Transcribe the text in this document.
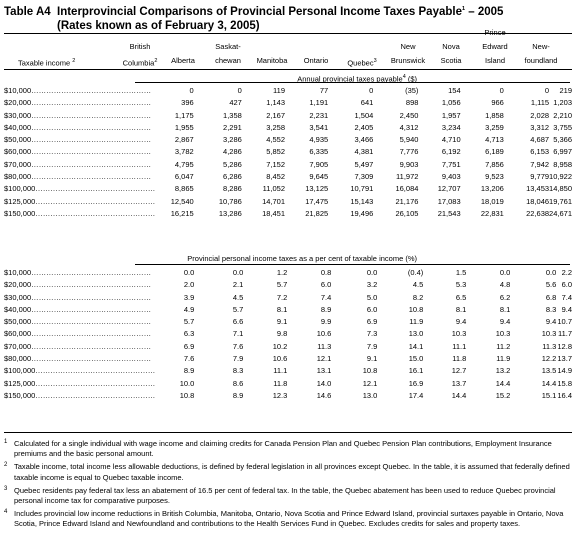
Table A4 Interprovincial Comparisons of Provincial Personal Income Taxes Payable$^1$ – 2005
(Rates known as of February 3, 2005)
British
Columbia$^2$	Alberta
Saskat-
chewan	Manitoba	Ontario	Quebec$^3$
New
Brunswick
Nova
Scotia
Prince
Edward
Island
New-
foundland
Taxable income $^2$
Annual provincial taxes payable$^4$ ($)
$10,000…………………………………………	0	0	119	77	0	(35)	154	0	0	219
$20,000…………………………………………	396	427	1,143	1,191	641	898	1,056	966	1,115	1,203
$30,000…………………………………………	1,175	1,358	2,167	2,231	1,504	2,450	1,957	1,858	2,028	2,210
$40,000…………………………………………	1,955	2,291	3,258	3,541	2,405	4,312	3,234	3,259	3,312	3,755
$50,000…………………………………………	2,867	3,286	4,552	4,935	3,466	5,940	4,710	4,713	4,687	5,366
$60,000…………………………………………	3,782	4,286	5,852	6,335	4,381	7,776	6,192	6,189	6,153	6,997
$70,000…………………………………………	4,795	5,286	7,152	7,905	5,497	9,903	7,751	7,856	7,942	8,958
$80,000…………………………………………	6,047	6,286	8,452	9,645	7,309	11,972	9,403	9,523	9,779	10,922
$100,000…………………………………………	8,865	8,286	11,052	13,125	10,791	16,084	12,707	13,206	13,453	14,850
$125,000…………………………………………	12,540	10,786	14,701	17,475	15,143	21,176	17,083	18,019	18,046	19,761
$150,000…………………………………………	16,215	13,286	18,451	21,825	19,496	26,105	21,543	22,831	22,638	24,671
Provincial personal income taxes as a per cent of taxable income (%)
$10,000…………………………………………	0.0	0.0	1.2	0.8	0.0	(0.4)	1.5	0.0	0.0	2.2
$20,000…………………………………………	2.0	2.1	5.7	6.0	3.2	4.5	5.3	4.8	5.6	6.0
$30,000…………………………………………	3.9	4.5	7.2	7.4	5.0	8.2	6.5	6.2	6.8	7.4
$40,000…………………………………………	4.9	5.7	8.1	8.9	6.0	10.8	8.1	8.1	8.3	9.4
$50,000…………………………………………	5.7	6.6	9.1	9.9	6.9	11.9	9.4	9.4	9.4	10.7
$60,000…………………………………………	6.3	7.1	9.8	10.6	7.3	13.0	10.3	10.3	10.3	11.7
$70,000…………………………………………	6.9	7.6	10.2	11.3	7.9	14.1	11.1	11.2	11.3	12.8
$80,000…………………………………………	7.6	7.9	10.6	12.1	9.1	15.0	11.8	11.9	12.2	13.7
$100,000…………………………………………	8.9	8.3	11.1	13.1	10.8	16.1	12.7	13.2	13.5	14.9
$125,000…………………………………………	10.0	8.6	11.8	14.0	12.1	16.9	13.7	14.4	14.4	15.8
$150,000…………………………………………	10.8	8.9	12.3	14.6	13.0	17.4	14.4	15.2	15.1	16.4
1 Calculated for a single individual with wage income and claiming credits for Canada Pension Plan and Quebec Pension Plan contributions, Employment Insurance premiums and the basic personal amount.
2 Taxable income, total income less allowable deductions, is defined by federal legislation in all provinces except Quebec. In the table, it is assumed that federally defined taxable income is equal to Quebec taxable income.
3 Quebec residents pay federal tax less an abatement of 16.5 per cent of federal tax. In the table, the Quebec abatement has been used to reduce Quebec provincial personal income tax for comparative purposes.
4 Includes provincial low income reductions in British Columbia, Manitoba, Ontario, Nova Scotia and Prince Edward Island, provincial surtaxes payable in Ontario, Nova Scotia, Prince Edward Island and Newfoundland and contributions to the Health Services Fund in Quebec. Excludes credits for sales and property taxes.
